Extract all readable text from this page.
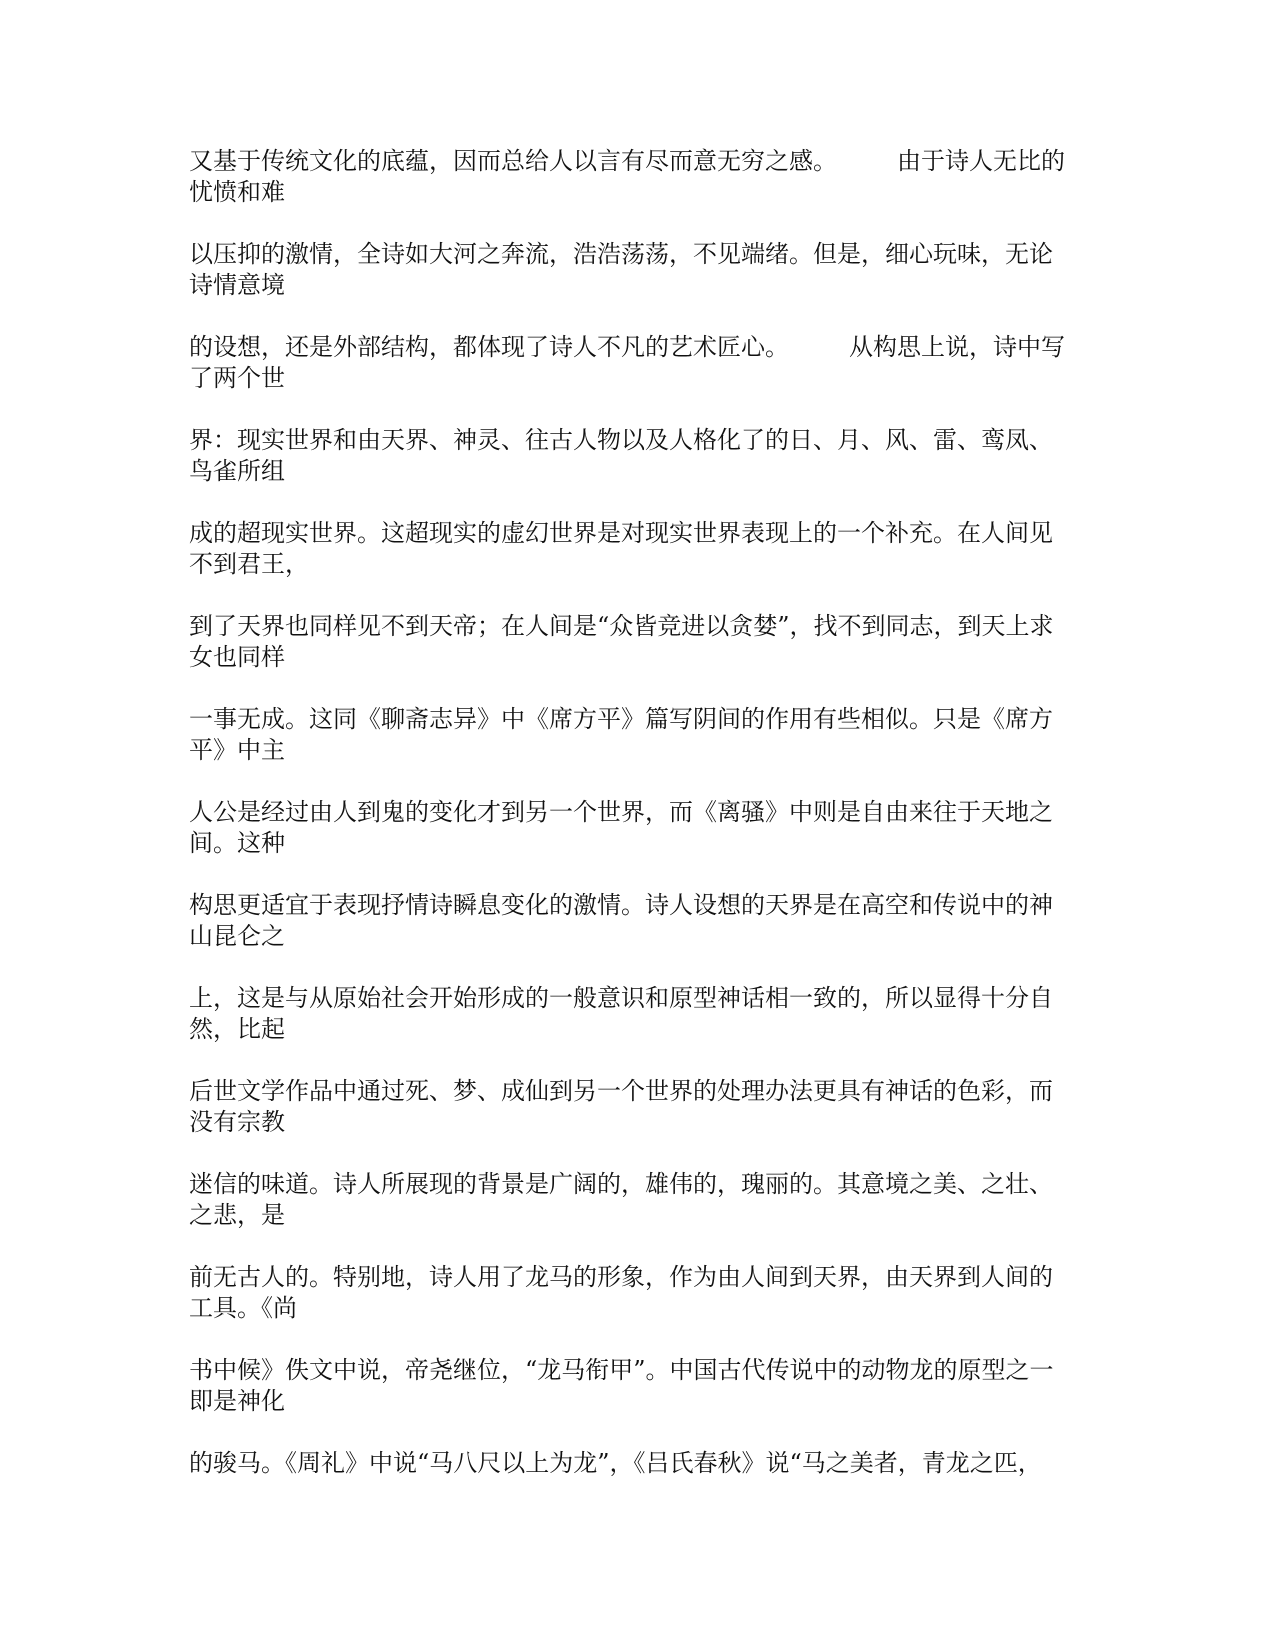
又基于传统文化的底蕴，因而总给人以言有尽而意无穷之感。　　　由于诗人无比的
忧愤和难
以压抑的激情，全诗如大河之奔流，浩浩荡荡，不见端绪。但是，细心玩味，无论
诗情意境
的设想，还是外部结构，都体现了诗人不凡的艺术匠心。　　　从构思上说，诗中写
了两个世
界：现实世界和由天界、神灵、往古人物以及人格化了的日、月、风、雷、鸾凤、
鸟雀所组
成的超现实世界。这超现实的虚幻世界是对现实世界表现上的一个补充。在人间见
不到君王，
到了天界也同样见不到天帝；在人间是“众皆竞进以贪婪”，找不到同志，到天上求
女也同样
一事无成。这同《聊斋志异》中《席方平》篇写阴间的作用有些相似。只是《席方
平》中主
人公是经过由人到鬼的变化才到另一个世界，而《离骚》中则是自由来往于天地之
间。这种
构思更适宜于表现抒情诗瞬息变化的激情。诗人设想的天界是在高空和传说中的神
山昆仑之
上，这是与从原始社会开始形成的一般意识和原型神话相一致的，所以显得十分自
然，比起
后世文学作品中通过死、梦、成仙到另一个世界的处理办法更具有神话的色彩，而
没有宗教
迷信的味道。诗人所展现的背景是广阔的，雄伟的，瑰丽的。其意境之美、之壮、
之悲，是
前无古人的。特别地，诗人用了龙马的形象，作为由人间到天界，由天界到人间的
工具。《尚
书中候》佚文中说，帝尧继位，“龙马衔甲”。中国古代传说中的动物龙的原型之一
即是神化
的骏马。《周礼》中说“马八尺以上为龙”，《吕氏春秋》说“马之美者，青龙之匹，
